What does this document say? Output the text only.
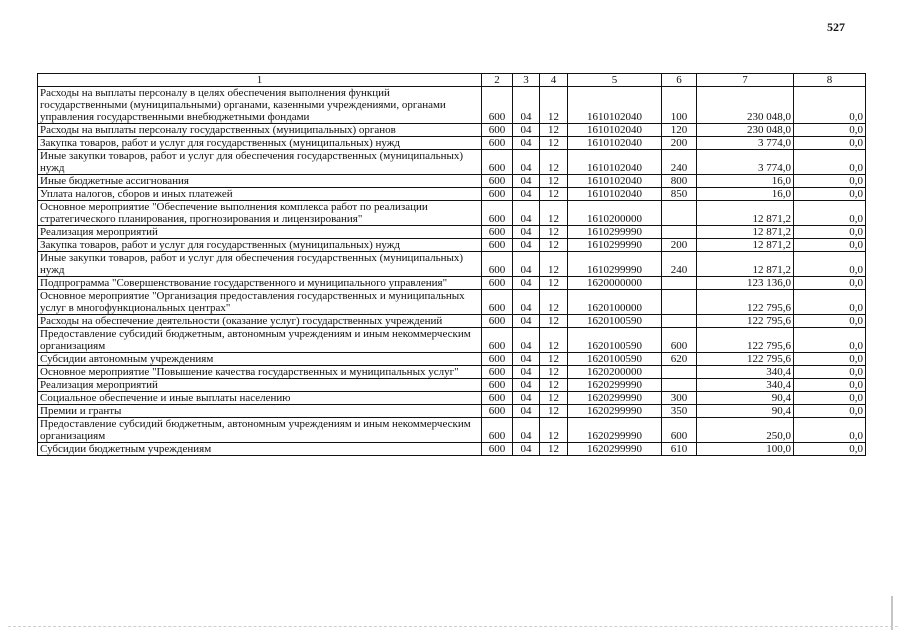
527
1	2	3	4	5	6	7	8
Расходы на выплаты персоналу в целях обеспечения выполнения функций государственными (муниципальными) органами, казенными учреждениями, органами управления государственными внебюджетными фондами	600	04	12	1610102040	100	230 048,0	0,0
Расходы на выплаты персоналу государственных (муниципальных) органов	600	04	12	1610102040	120	230 048,0	0,0
Закупка товаров, работ и услуг для государственных (муниципальных) нужд	600	04	12	1610102040	200	3 774,0	0,0
Иные закупки товаров, работ и услуг для обеспечения государственных (муниципальных) нужд	600	04	12	1610102040	240	3 774,0	0,0
Иные бюджетные ассигнования	600	04	12	1610102040	800	16,0	0,0
Уплата налогов, сборов и иных платежей	600	04	12	1610102040	850	16,0	0,0
Основное мероприятие "Обеспечение выполнения комплекса работ по реализации стратегического планирования, прогнозирования и лицензирования"	600	04	12	1610200000		12 871,2	0,0
Реализация мероприятий	600	04	12	1610299990		12 871,2	0,0
Закупка товаров, работ и услуг для государственных (муниципальных) нужд	600	04	12	1610299990	200	12 871,2	0,0
Иные закупки товаров, работ и услуг для обеспечения государственных (муниципальных) нужд	600	04	12	1610299990	240	12 871,2	0,0
Подпрограмма "Совершенствование государственного и муниципального управления"	600	04	12	1620000000		123 136,0	0,0
Основное мероприятие "Организация предоставления государственных и муниципальных услуг в многофункциональных центрах"	600	04	12	1620100000		122 795,6	0,0
Расходы на обеспечение деятельности (оказание услуг) государственных учреждений	600	04	12	1620100590		122 795,6	0,0
Предоставление субсидий бюджетным, автономным учреждениям и иным некоммерческим организациям	600	04	12	1620100590	600	122 795,6	0,0
Субсидии автономным учреждениям	600	04	12	1620100590	620	122 795,6	0,0
Основное мероприятие "Повышение качества государственных и муниципальных услуг"	600	04	12	1620200000		340,4	0,0
Реализация мероприятий	600	04	12	1620299990		340,4	0,0
Социальное обеспечение и иные выплаты населению	600	04	12	1620299990	300	90,4	0,0
Премии и гранты	600	04	12	1620299990	350	90,4	0,0
Предоставление субсидий бюджетным, автономным учреждениям и иным некоммерческим организациям	600	04	12	1620299990	600	250,0	0,0
Субсидии бюджетным учреждениям	600	04	12	1620299990	610	100,0	0,0
